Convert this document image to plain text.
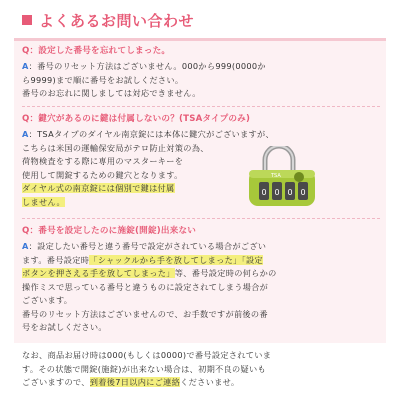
よくあるお問い合わせ
Q：設定した番号を忘れてしまった。
A：番号のリセット方法はございません。000から999(0000か
ら9999)まで順に番号をお試しください。
番号のお忘れに関しましては対応できません。
Q：鍵穴があるのに鍵は付属しないの？(TSAタイプのみ)
A：TSAタイプのダイヤル南京錠には本体に鍵穴がございますが、
こちらは米国の運輸保安局がテロ防止対策の為、
荷物検査をする際に専用のマスターキーを
使用して開錠するための鍵穴となります。
ダイヤル式の南京錠には個別で鍵は付属
しません。
0 0 0 0
TSA
Q：番号を設定したのに施錠(開錠)出来ない
A：設定したい番号と違う番号で設定がされている場合がござい
ます。番号設定時「シャックルから手を放してしまった」「設定
ボタンを押さえる手を放してしまった」等、番号設定時の何らかの
操作ミスで思っている番号と違うものに設定されてしまう場合が
ございます。
番号のリセット方法はございませんので、お手数ですが前後の番
号をお試しください。
なお、商品お届け時は000(もしくは0000)で番号設定されていま
す。その状態で開錠(施錠)が出来ない場合は、初期不良の疑いも
ございますので、到着後7日以内にご連絡くださいませ。
